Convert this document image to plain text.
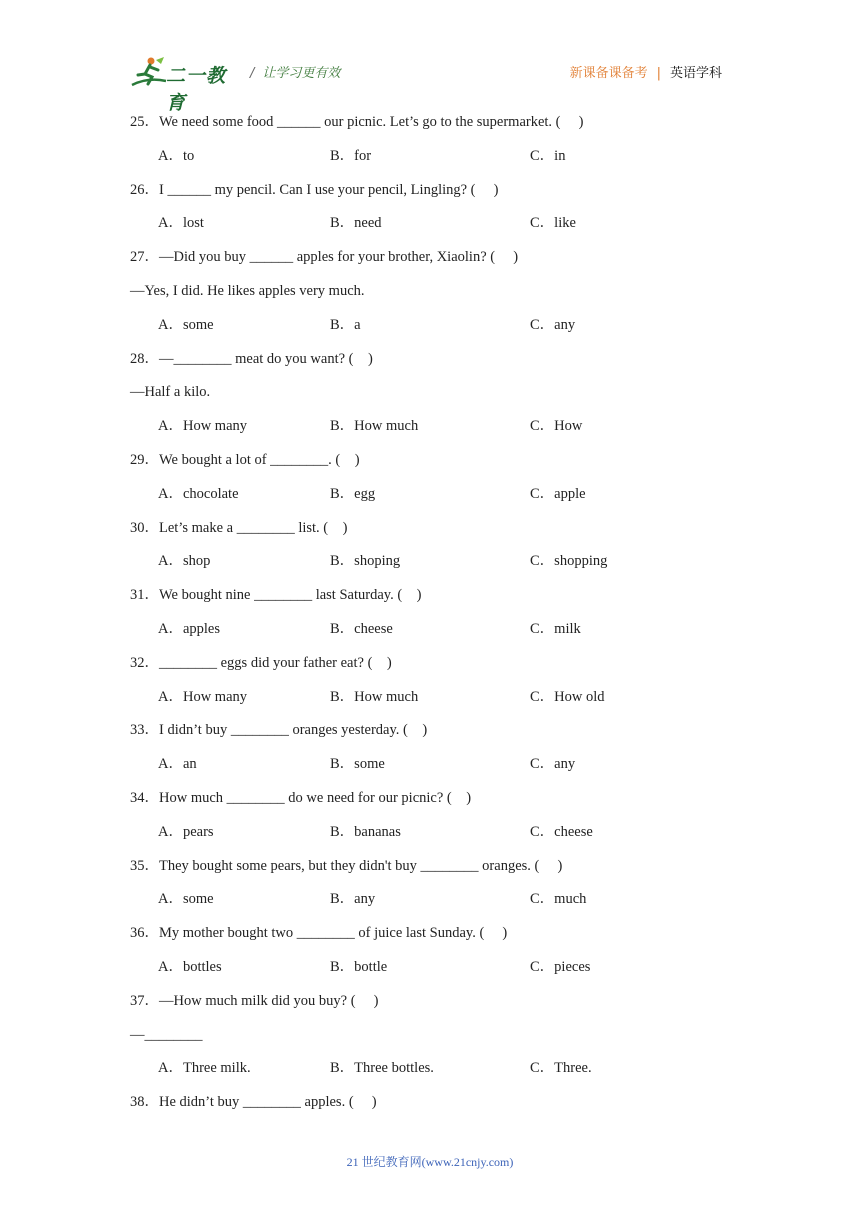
二一教育
/ 让学习更有效	新课备课备考 | 英语学科
25．We need some food ______ our picnic. Let’s go to the supermarket. (     )
A．to	B．for	C．in
26．I ______ my pencil. Can I use your pencil, Lingling? (     )
A．lost	B．need	C．like
27．—Did you buy ______ apples for your brother, Xiaolin? (     )
—Yes, I did. He likes apples very much.
A．some	B．a	C．any
28．—________ meat do you want? (    )
—Half a kilo.
A．How many	B．How much	C．How
29．We bought a lot of ________. (    )
A．chocolate	B．egg	C．apple
30．Let’s make a ________ list. (    )
A．shop	B．shoping	C．shopping
31．We bought nine ________ last Saturday. (    )
A．apples	B．cheese	C．milk
32．________ eggs did your father eat? (    )
A．How many	B．How much	C．How old
33．I didn’t buy ________ oranges yesterday. (    )
A．an	B．some	C．any
34．How much ________ do we need for our picnic? (    )
A．pears	B．bananas	C．cheese
35．They bought some pears, but they didn't buy ________ oranges. (     )
A．some	B．any	C．much
36．My mother bought two ________ of juice last Sunday. (     )
A．bottles	B．bottle	C．pieces
37．—How much milk did you buy? (     )
—________
A．Three milk.	B．Three bottles.	C．Three.
38．He didn’t buy ________ apples. (     )
21 世纪教育网(www.21cnjy.com)
